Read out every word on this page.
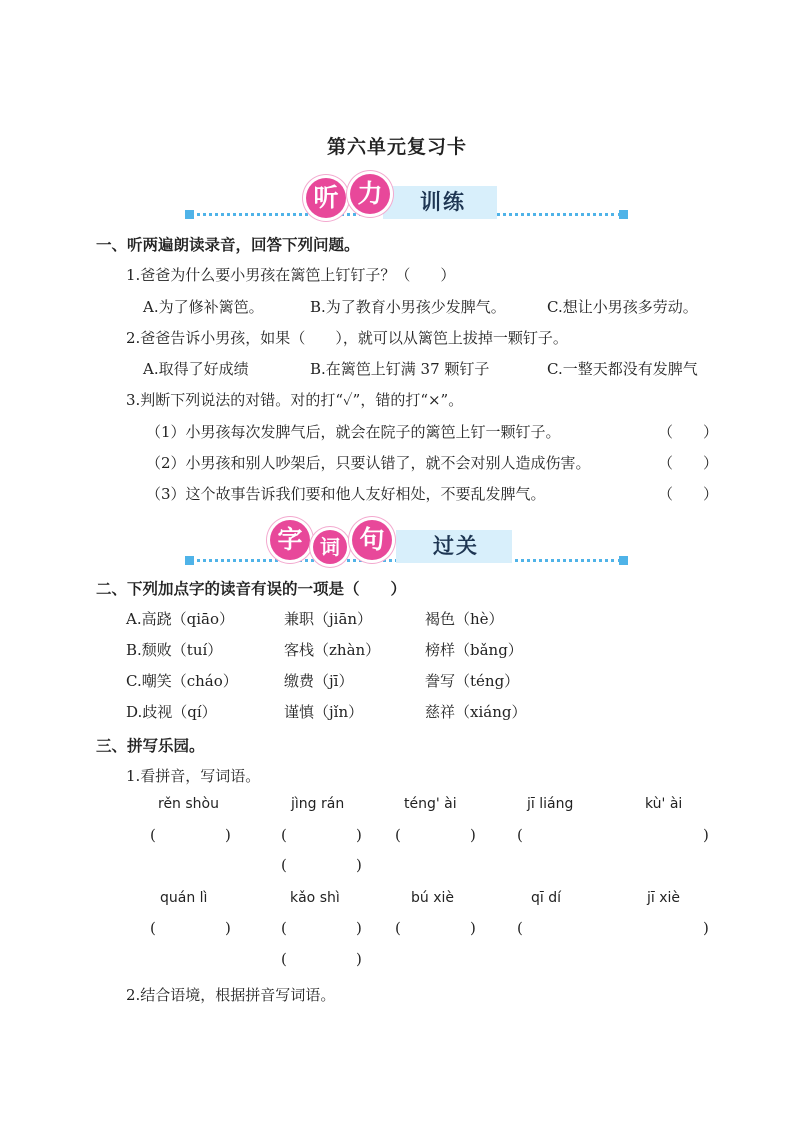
第六单元复习卡
训练
听 力
一、听两遍朗读录音，回答下列问题。
1.爸爸为什么要小男孩在篱笆上钉钉子？（　　）
A.为了修补篱笆。	B.为了教育小男孩少发脾气。	C.想让小男孩多劳动。
2.爸爸告诉小男孩，如果（　　），就可以从篱笆上拔掉一颗钉子。
A.取得了好成绩	B.在篱笆上钉满 37 颗钉子	C.一整天都没有发脾气
3.判断下列说法的对错。对的打“✓”，错的打“×”。
（1）小男孩每次发脾气后，就会在院子的篱笆上钉一颗钉子。	（　　）
（2）小男孩和别人吵架后，只要认错了，就不会对别人造成伤害。	（　　）
（3）这个故事告诉我们要和他人友好相处，不要乱发脾气。	（　　）
过关
字 词 句
二、下列加点字的读音有误的一项是（　　）
A.高跷（qiāo）	兼职（jiān）	褐色（hè）
B.颓败（tuí）	客栈（zhàn）	榜样（bǎng）
C.嘲笑（cháo）	缴费（jī）	誊写（téng）
D.歧视（qí）	谨慎（jǐn）	慈祥（xiáng）
三、拼写乐园。
1.看拼音，写词语。
rěn shòu	jìng rán	téng' ài	jī liáng	kù' ài
(	)	(	) (	)	(	)
(	)
quán lì	kǎo shì	bú xiè	qī dí	jī xiè
(	)	(	) (	)	(	)
(	)
2.结合语境，根据拼音写词语。
